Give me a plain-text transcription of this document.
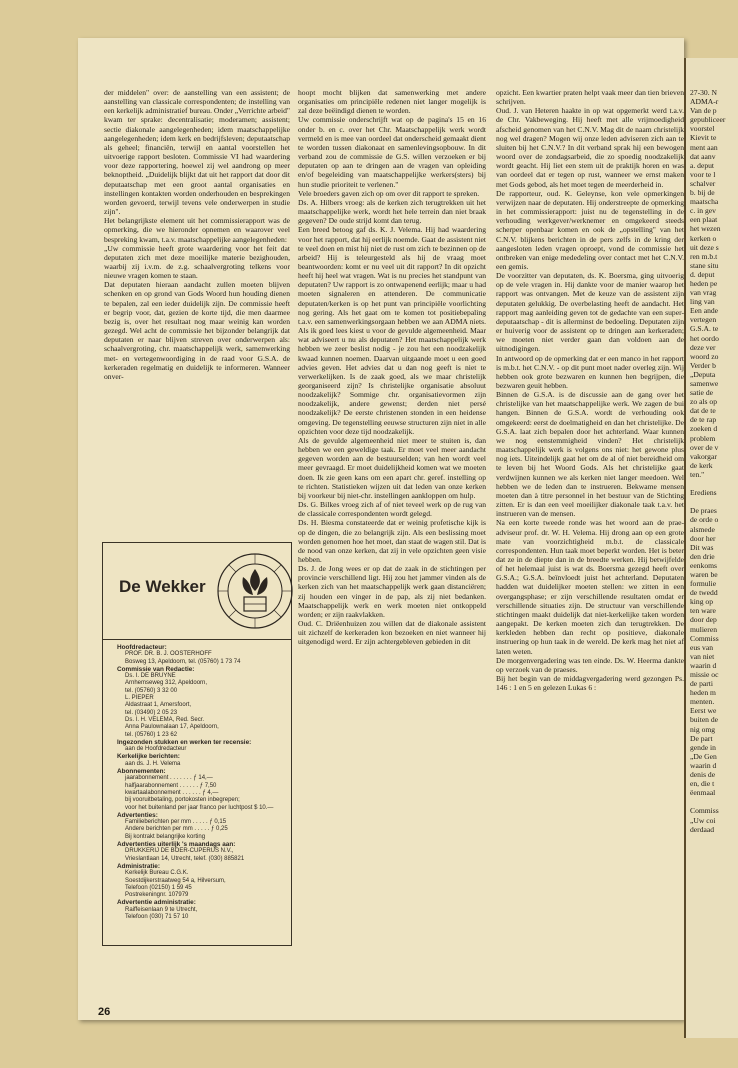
der middelen" over: de aanstelling van een assistent; de aanstelling van classicale correspondenten; de instelling van een kerkelijk administratief bureau. Onder „Verrichte arbeid" kwam ter sprake: decentralisatie; moderamen; assistent; sectie diakonale aangelegenheden; idem maatschappelijke aangelegenheden; idem kerk en bedrijfsleven; deputaatschap als geheel; financiën, terwijl en aantal voorstellen het uitvoerige rapport besloten. Commissie VI had waardering voor deze rapportering, hoewel zij wel aandrong op meer beknoptheid. „Duidelijk blijkt dat uit het rapport dat door dit deputaatschap met een groot aantal organisaties en instellingen kontakten worden onderhouden en besprekingen worden gevoerd, terwijl tevens vele onderwerpen in studie zijn".

Het belangrijkste element uit het commissierapport was de opmerking, die we hieronder opnemen en waarover veel bespreking kwam, t.a.v. maatschappelijke aangelegenheden:

„Uw commissie heeft grote waardering voor het feit dat deputaten zich met deze moeilijke materie bezighouden, waarbij zij i.v.m. de z.g. schaalvergroting telkens voor nieuwe vragen komen te staan.

Dat deputaten hieraan aandacht zullen moeten blijven schenken en op grond van Gods Woord hun houding dienen te bepalen, zal een ieder duidelijk zijn. De commissie heeft er begrip voor, dat, gezien de korte tijd, die men daarmee bezig is, over het resultaat nog maar weinig kan worden gezegd. Wel acht de commissie het bijzonder belangrijk dat deputaten er naar blijven streven over onderwerpen als: schaalvergroting, chr. maatschappelijk werk, samenwerking met- en vertegenwoordiging in de raad voor G.S.A. de kerkeraden regelmatig en duidelijk te informeren. Wanneer onver-

hoopt mocht blijken dat samenwerking met andere organisaties om principiële redenen niet langer mogelijk is zal deze beëindigd dienen te worden.

Uw commissie onderschrijft wat op de pagina's 15 en 16 onder b. en c. over het Chr. Maatschappelijk werk wordt vermeld en is mee van oordeel dat onderscheid gemaakt dient te worden tussen diakonaat en samenlevingsopbouw. In dit verband zou de commissie de G.S. willen verzoeken er bij deputaten op aan te dringen aan de vragen van opleiding en/of begeleiding van maatschappelijke werkers(sters) bij hun studie prioriteit te verlenen."

Vele broeders gaven zich op om over dit rapport te spreken.

Ds. A. Hilbers vroeg: als de kerken zich terugtrekken uit het maatschappelijke werk, wordt het hele terrein dan niet braak gegeven? De oude strijd komt dan terug.

Een breed betoog gaf ds. K. J. Velema. Hij had waardering voor het rapport, dat hij eerlijk noemde. Gaat de assistent niet te veel doen en mist hij niet de rust om zich te bezinnen op de arbeid? Hij is teleurgesteld als hij de vraag moet beantwoorden: komt er nu veel uit dit rapport? In dit opzicht heeft hij heel wat vragen. Wat is nu precies het standpunt van deputaten? Uw rapport is zo ontwapenend eerlijk; maar u had moeten signaleren en attenderen. De communicatie deputaten/kerken is op het punt van principiële voorlichting nog gering. Als het gaat om te komen tot positiebepaling t.a.v. een samenwerkingsorgaan hebben we aan ADMA niets. Als ik goed lees kiest u voor de gevulde algemeenheid. Maar wat adviseert u nu als deputaten? Het maatschappelijk werk hebben we zeer beslist nodig - je zou het een noodzakelijk kwaad kunnen noemen. Daarvan uitgaande moet u een goed advies geven. Het advies dat u dan nog geeft is niet te verwerkelijken. Is de zaak goed, als we maar christelijk georganiseerd zijn? Is christelijke organisatie absoluut noodzakelijk? Sommige chr. organisatievormen zijn noodzakelijk, andere gewenst; derden niet persé noodzakelijk? De eerste christenen stonden in een heidense omgeving. De tegenstelling eeuwse structuren zijn niet in alle opzichten voor deze tijd noodzakelijk.

Als de gevulde algemeenheid niet meer te stuiten is, dan hebben we een geweldige taak. Er moet veel meer aandacht gegeven worden aan de bestuurselden; van hen wordt veel meer gevraagd. Er moet duidelijkheid komen wat we moeten doen. Ik zie geen kans om een apart chr. geref. instelling op te richten. Statistieken wijzen uit dat leden van onze kerken bij voorkeur bij niet-chr. instellingen aankloppen om hulp.

Ds. G. Bilkes vroeg zich af of niet teveel werk op de rug van de classicale correspondenten wordt gelegd.

Ds. H. Biesma constateerde dat er weinig profetische kijk is op de dingen, die zo belangrijk zijn. Als een beslissing moet worden genomen hoe het moet, dan staat de wagen stil. Dat is de nood van onze kerken, dat zij in vele opzichten geen visie hebben.

Ds. J. de Jong wees er op dat de zaak in de stichtingen per provincie verschillend ligt. Hij zou het jammer vinden als de kerken zich van het maatschappelijk werk gaan distanciëren; zij houden een vinger in de pap, als zij niet bedanken. Maatschappelijk werk en werk moeten niet ontkoppeld worden; er zijn raakvlakken.

Oud. C. Driëenhuizen zou willen dat de diakonale assistent uit zichzelf de kerkeraden kon bezoeken en niet wanneer hij uitgenodigd werd. Er zijn achtergebleven gebieden in dit

opzicht. Een kwartier praten helpt vaak meer dan tien brieven schrijven.

Oud. J. van Heteren haakte in op wat opgemerkt werd t.a.v. de Chr. Vakbeweging. Hij heeft met alle vrijmoedigheid afscheid genomen van het C.N.V. Mag dit de naam christelijk nog wel dragen? Mogen wij onze leden adviseren zich aan te sluiten bij het C.N.V.? In dit verband sprak hij een bewogen woord over de zondagsarbeid, die zo spoedig noodzakelijk wordt geacht. Hij liet een stem uit de praktijk horen en was van oordeel dat er tegen op rust, wanneer we ernst maken met Gods gebod, als het moet tegen de meerderheid in.

De rapporteur, oud. K. Geleynse, kon vele opmerkingen verwijzen naar de deputaten. Hij onderstreepte de opmerking in het commissierapport: juist nu de tegenstelling in de verhouding werkgever/werknemer en omgekeerd steeds scherper openbaar komen en ook de „opstelling" van het C.N.V. blijkens berichten in de pers zelfs in de kring der aangesloten leden vragen oproept, vond de commissie het ontbreken van enige mededeling over contact met het C.N.V. een gemis.

De voorzitter van deputaten, ds. K. Boersma, ging uitvoerig op de vele vragen in. Hij dankte voor de manier waarop het rapport was ontvangen. Met de keuze van de assistent zijn deputaten gelukkig. De overbelasting heeft de aandacht. Het rapport mag aanleiding geven tot de gedachte van een super-deputaatschap - dit is allerminst de bedoeling. Deputaten zijn er huiverig voor de assistent op te dringen aan kerkeraden; we moeten niet verder gaan dan voldoen aan de uitnodigingen.

In antwoord op de opmerking dat er een manco in het rapport is m.b.t. het C.N.V. - op dit punt moet nader overleg zijn. Wij hebben ook grote bezwaren en kunnen hen begrijpen, die bezwaren geuit hebben.

Binnen de G.S.A. is de discussie aan de gang over het christelijke van het maatschappelijke werk. We zagen de bui hangen. Binnen de G.S.A. wordt de verhouding ook omgekeerd: eerst de doelmatigheid en dan het christelijke. De G.S.A. laat zich bepalen door het achterland. Waar kunnen we nog eenstemmigheid vinden? Het christelijk maatschappelijk werk is volgens ons niet: het gewone plus nog iets. Uiteindelijk gaat het om de al of niet bereidheid om te leven bij het Woord Gods. Als het christelijke gaat verdwijnen kunnen we als kerken niet langer meedoen. Wel hebben we de leden dan te instrueren. Bekwame mensen moeten dan à titre personnel in het bestuur van de Stichting zitten. Er is dan een veel moeilijker diakonale taak t.a.v. het instrueren van de mensen.

Na een korte tweede ronde was het woord aan de prae-adviseur prof. dr. W. H. Velema. Hij drong aan op een grote mate van voorzichtigheid m.b.t. de classicale correspondenten. Hun taak moet beperkt worden. Het is beter dat ze in de diepte dan in de breedte werken. Hij betwijfelde of het helemaal juist is wat ds. Boersma gezegd heeft over G.S.A.; G.S.A. beïnvloedt juist het achterland. Deputaten hadden wat duidelijker moeten stellen: we zitten in een overgangsphase; er zijn verschillende resultaten omdat er verschillende situaties zijn. De structuur van verschillende stichtingen maakt duidelijk dat niet-kerkelijke taken worden aangepakt. De kerken moeten zich dan terugtrekken. De kerkleden hebben dan recht op positieve, diakonale instruering op hun taak in de wereld. De kerk mag het niet af laten weten.

De morgenvergadering was ten einde. Ds. W. Heerma dankte op verzoek van de praeses.

Bij het begin van de middagvergadering werd gezongen Ps. 146 : 1 en 5 en gelezen Lukas 6 :

De Wekker
Hoofdredacteur:
PROF. DR. B. J. OOSTERHOFF
Bosweg 13, Apeldoorn, tel. (05760) 1 73 74
Commissie van Redactie:
Ds. I. DE BRUYNE
Arnhemseweg 312, Apeldoorn,
tel. (05760) 3 32 00
L. PIEPER
Aldastraat 1, Amersfoort,
tel. (03490) 2 05 23
Ds. I. H. VELEMA, Red. Secr.
Anna Paulownalaan 17, Apeldoorn,
tel. (05760) 1 23 62
Ingezonden stukken en werken ter recensie:
aan de Hoofdredacteur
Kerkelijke berichten:
aan ds. J. H. Velema
Abonnementen:
jaarabonnement . . . . . . . ƒ 14,—
halfjaarabonnement . . . . . . ƒ 7,50
kwartaalabonnement . . . . . . ƒ 4,—
bij vooruitbetaling, portokosten inbegrepen;
voor het buitenland per jaar franco per luchtpost $ 10.—
Advertenties:
Familieberichten per mm . . . . . ƒ 0,15
Andere berichten per mm . . . . . ƒ 0,25
Bij kontrakt belangrijke korting
Advertenties uiterlijk 's maandags aan:
DRUKKERIJ DE BOER-CUPERUS N.V.,
Vrieslantlaan 14, Utrecht, telef. (030) 885821
Administratie:
Kerkelijk Bureau C.G.K.
Soestdijkerstraatweg 54 a, Hilversum,
Telefoon (02150) 1 59 45
Postrekeningnr. 107979
Advertentie administratie:
Raiffeisenlaan 9 te Utrecht,
Telefoon (030) 71 57 10
26
27-30. N
ADMA-r
Van de p
gepubliceer
voorstel
Kievit te
ment aan
dat aanv
a. deput
voor te l
schalver
b. bij de
maatscha
c. in gev
een plaat
het wezen
kerken o
uit deze s
ren m.b.t
stane situ
d. deput
heden pe
van vrag
ling van
Een ande
vertegen
G.S.A. te
het oordo
deze ver
woord zo
Verder b
„Deputa
samenwe
satie de
zo als op
dat de te
de te rap
zoeken d
problem
over de v
vakorgar
de kerk
ten."
Erediens
De praes
de orde o
alsmede
door her
Dit was
den drie
eenkoms
waren be
formulie
de twedd
king op
ten ware
door dep
mulieren
Commiss
eus van
van niet
waarin d
missie oc
de parti
heden m
menten.
Eerst we
buiten de
nig omg
De part
gende in
„De Gen
waarin d
denis de
en, die t
ëenmaal
Commiss
„Uw coi
derdaad
